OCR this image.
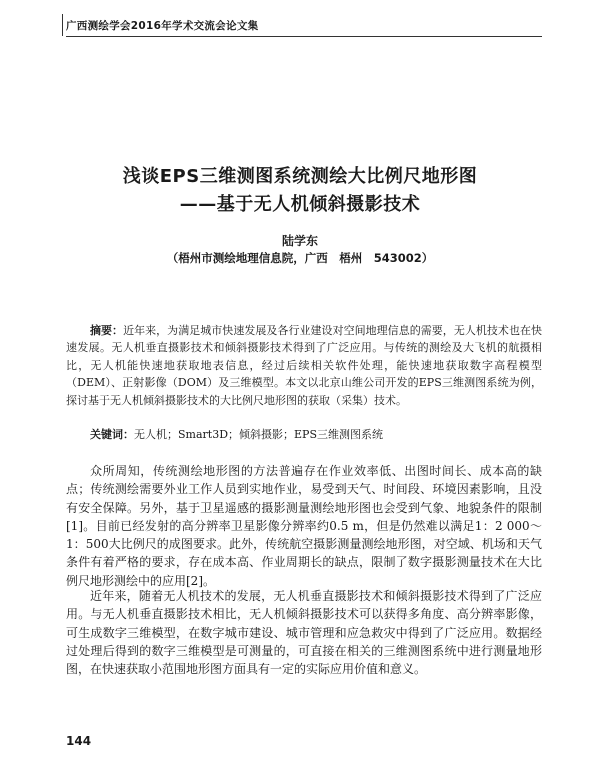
广西测绘学会2016年学术交流会论文集
浅谈EPS三维测图系统测绘大比例尺地形图
——基于无人机倾斜摄影技术
陆学东
（梧州市测绘地理信息院，广西　梧州　543002）
摘要：近年来，为满足城市快速发展及各行业建设对空间地理信息的需要，无人机技术也在快速发展。无人机垂直摄影技术和倾斜摄影技术得到了广泛应用。与传统的测绘及大飞机的航摄相比，无人机能快速地获取地表信息，经过后续相关软件处理，能快速地获取数字高程模型（DEM）、正射影像（DOM）及三维模型。本文以北京山维公司开发的EPS三维测图系统为例，探讨基于无人机倾斜摄影技术的大比例尺地形图的获取（采集）技术。
关键词：无人机；Smart3D；倾斜摄影；EPS三维测图系统
众所周知，传统测绘地形图的方法普遍存在作业效率低、出图时间长、成本高的缺点；传统测绘需要外业工作人员到实地作业，易受到天气、时间段、环境因素影响，且没有安全保障。另外，基于卫星遥感的摄影测量测绘地形图也会受到气象、地貌条件的限制[1]。目前已经发射的高分辨率卫星影像分辨率约0.5 m，但是仍然难以满足1：2 000～1：500大比例尺的成图要求。此外，传统航空摄影测量测绘地形图，对空域、机场和天气条件有着严格的要求，存在成本高、作业周期长的缺点，限制了数字摄影测量技术在大比例尺地形测绘中的应用[2]。
近年来，随着无人机技术的发展，无人机垂直摄影技术和倾斜摄影技术得到了广泛应用。与无人机垂直摄影技术相比，无人机倾斜摄影技术可以获得多角度、高分辨率影像，可生成数字三维模型，在数字城市建设、城市管理和应急救灾中得到了广泛应用。数据经过处理后得到的数字三维模型是可测量的，可直接在相关的三维测图系统中进行测量地形图，在快速获取小范围地形图方面具有一定的实际应用价值和意义。
144
